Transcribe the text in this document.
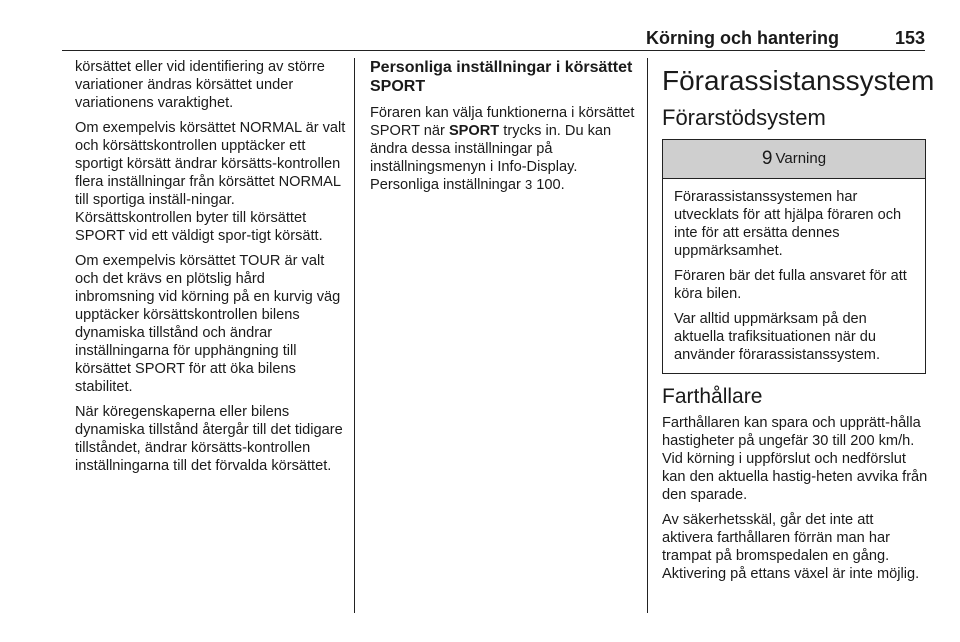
Körning och hantering	153

körsättet eller vid identifiering av större variationer ändras körsättet under variationens varaktighet.

Om exempelvis körsättet NORMAL är valt och körsättskontrollen upptäcker ett sportigt körsätt ändrar körsätts-kontrollen flera inställningar från körsättet NORMAL till sportiga inställ-ningar. Körsättskontrollen byter till körsättet SPORT vid ett väldigt spor-tigt körsätt.

Om exempelvis körsättet TOUR är valt och det krävs en plötslig hård inbromsning vid körning på en kurvig väg upptäcker körsättskontrollen bilens dynamiska tillstånd och ändrar inställningarna för upphängning till körsättet SPORT för att öka bilens stabilitet.

När köregenskaperna eller bilens dynamiska tillstånd återgår till det tidigare tillståndet, ändrar körsätts-kontrollen inställningarna till det förvalda körsättet.

Personliga inställningar i körsättet SPORT

Föraren kan välja funktionerna i körsättet SPORT när SPORT trycks in. Du kan ändra dessa inställningar på inställningsmenyn i Info-Display. Personliga inställningar 3 100.

Förarassistanssystem
Förarstödsystem
9 Varning

Förarassistanssystemen har utvecklats för att hjälpa föraren och inte för att ersätta dennes uppmärksamhet.

Föraren bär det fulla ansvaret för att köra bilen.

Var alltid uppmärksam på den aktuella trafiksituationen när du använder förarassistanssystem.

Farthållare

Farthållaren kan spara och upprätt-hålla hastigheter på ungefär 30 till 200 km/h. Vid körning i uppförslut och nedförslut kan den aktuella hastig-heten avvika från den sparade.

Av säkerhetsskäl, går det inte att aktivera farthållaren förrän man har trampat på bromspedalen en gång. Aktivering på ettans växel är inte möjlig.
